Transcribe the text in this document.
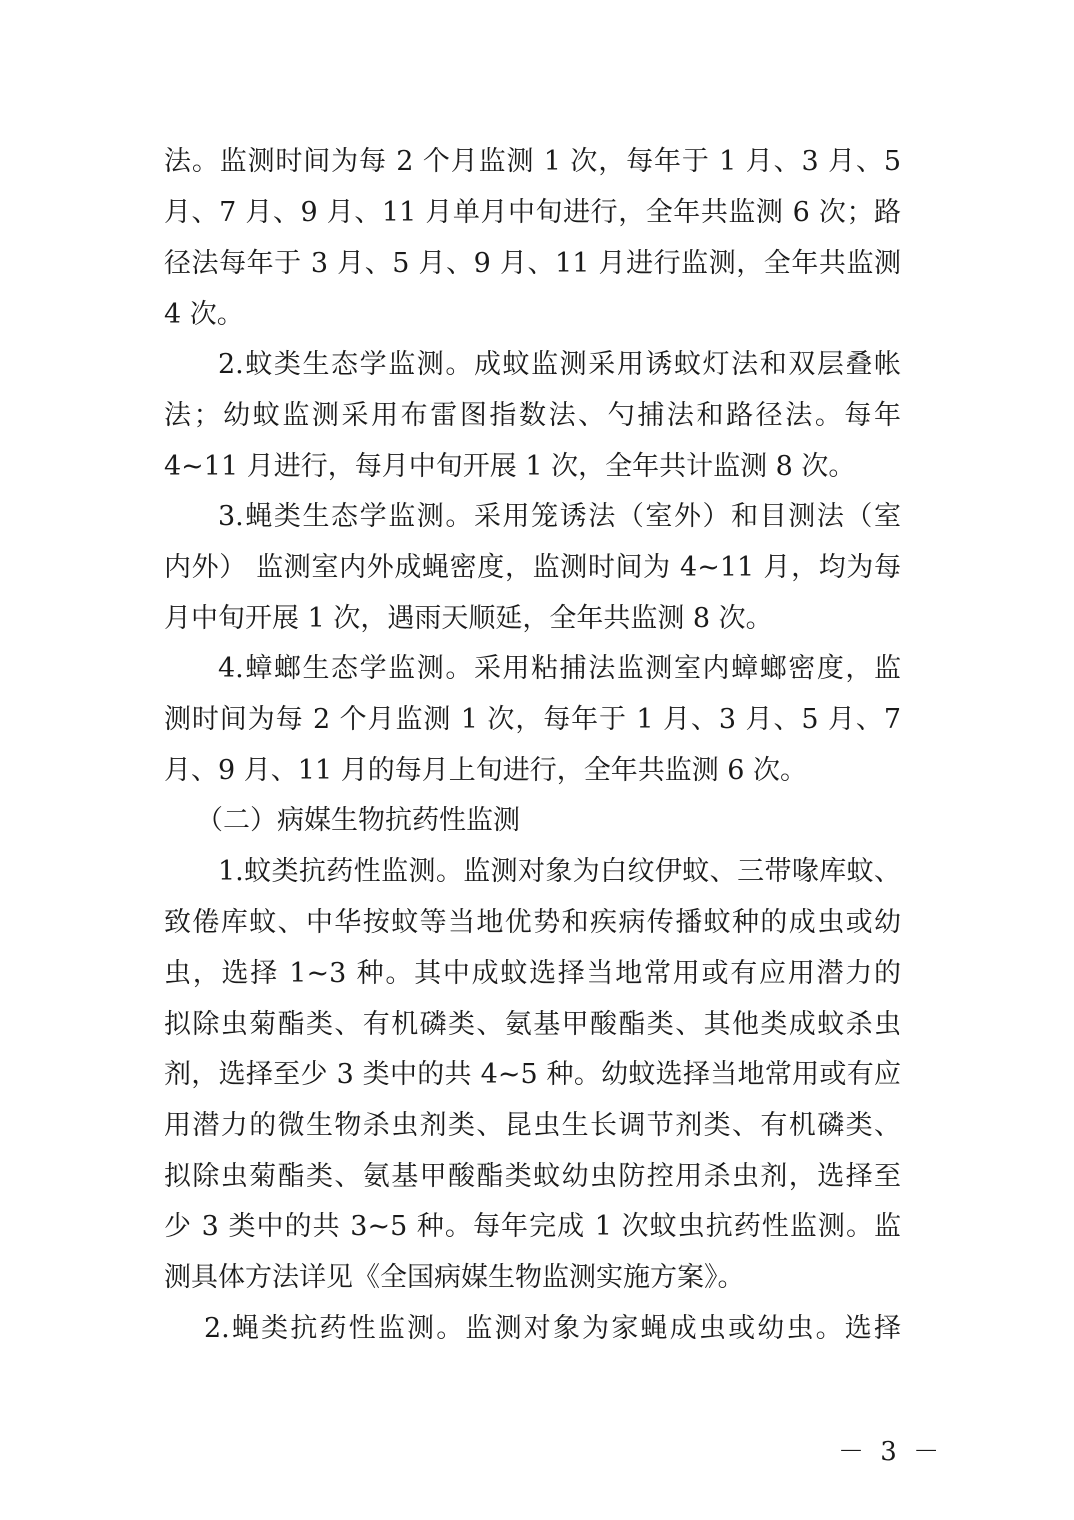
法。监测时间为每 2 个月监测 1 次，每年于 1 月、3 月、5
月、7 月、9 月、11 月单月中旬进行，全年共监测 6 次；路
径法每年于 3 月、5 月、9 月、11 月进行监测，全年共监测
4 次。
2.蚊类生态学监测。成蚊监测采用诱蚊灯法和双层叠帐
法；幼蚊监测采用布雷图指数法、勺捕法和路径法。每年
4~11 月进行，每月中旬开展 1 次，全年共计监测 8 次。
3.蝇类生态学监测。采用笼诱法（室外）和目测法（室
内外） 监测室内外成蝇密度，监测时间为 4~11 月，均为每
月中旬开展 1 次，遇雨天顺延，全年共监测 8 次。
4.蟑螂生态学监测。采用粘捕法监测室内蟑螂密度，监
测时间为每 2 个月监测 1 次，每年于 1 月、3 月、5 月、7
月、9 月、11 月的每月上旬进行，全年共监测 6 次。
（二）病媒生物抗药性监测
1.蚊类抗药性监测。监测对象为白纹伊蚊、三带喙库蚊、
致倦库蚊、中华按蚊等当地优势和疾病传播蚊种的成虫或幼
虫，选择 1~3 种。其中成蚊选择当地常用或有应用潜力的
拟除虫菊酯类、有机磷类、氨基甲酸酯类、其他类成蚊杀虫
剂，选择至少 3 类中的共 4~5 种。幼蚊选择当地常用或有应
用潜力的微生物杀虫剂类、昆虫生长调节剂类、有机磷类、
拟除虫菊酯类、氨基甲酸酯类蚊幼虫防控用杀虫剂，选择至
少 3 类中的共 3~5 种。每年完成 1 次蚊虫抗药性监测。监
测具体方法详见《全国病媒生物监测实施方案》。
2.蝇类抗药性监测。监测对象为家蝇成虫或幼虫。选择
－ 3 －
